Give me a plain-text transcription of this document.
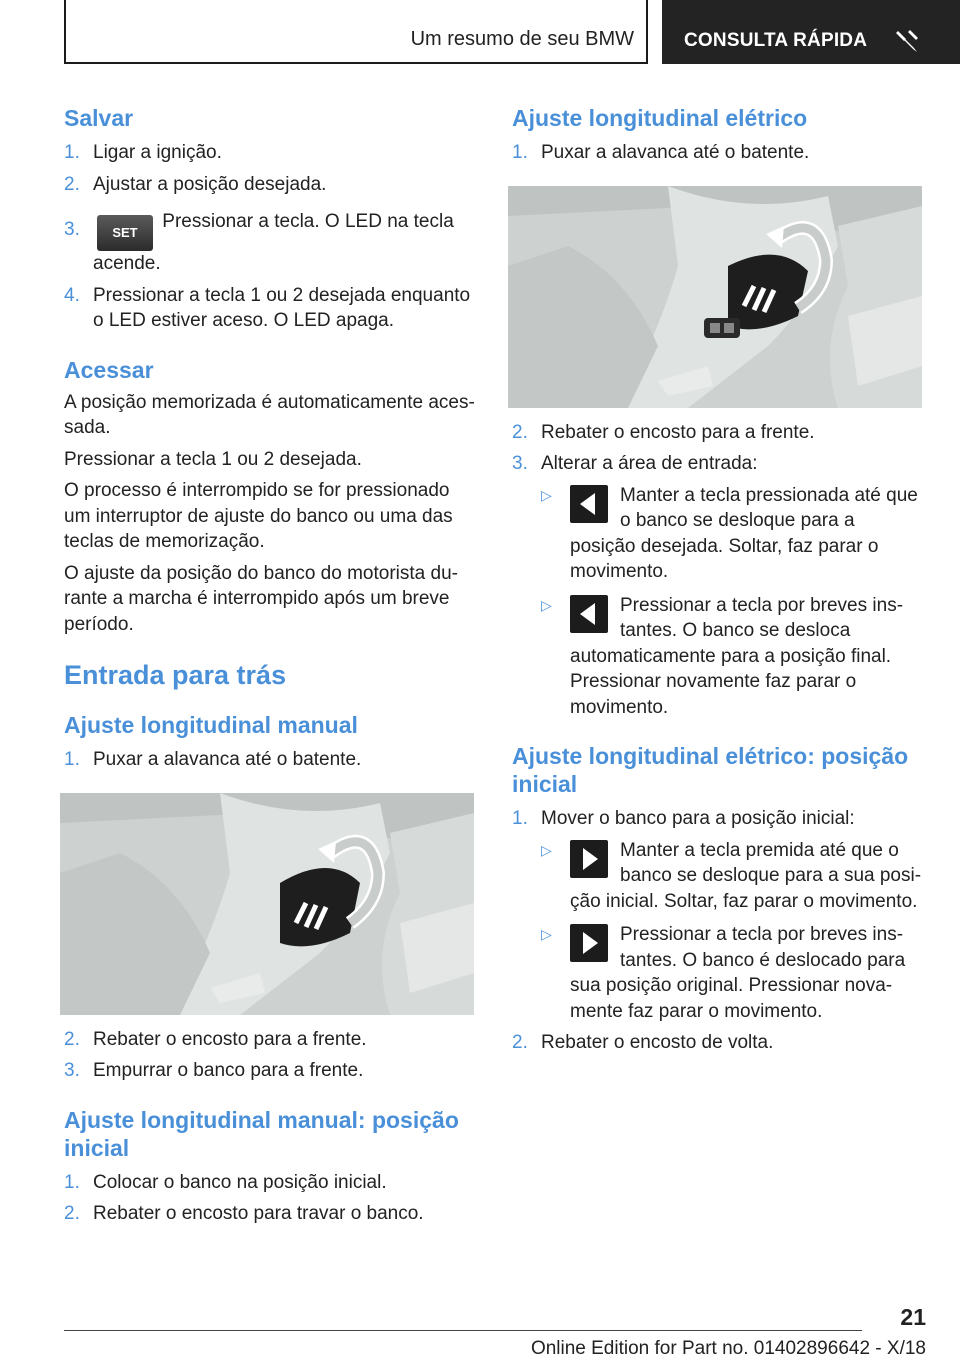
Um resumo de seu BMW	CONSULTA RÁPIDA
Salvar
1. Ligar a ignição.
2. Ajustar a posição desejada.
3. SET Pressionar a tecla. O LED na tecla acende.
4. Pressionar a tecla 1 ou 2 desejada enquanto o LED estiver aceso. O LED apaga.
Acessar

A posição memorizada é automaticamente acessada.

Pressionar a tecla 1 ou 2 desejada.

O processo é interrompido se for pressionado um interruptor de ajuste do banco ou uma das teclas de memorização.

O ajuste da posição do banco do motorista durante a marcha é interrompido após um breve período.

Entrada para trás
Ajuste longitudinal manual
1. Puxar a alavanca até o batente.
2. Rebater o encosto para a frente.
3. Empurrar o banco para a frente.
Ajuste longitudinal manual: posição inicial
1. Colocar o banco na posição inicial.
2. Rebater o encosto para travar o banco.
Ajuste longitudinal elétrico
1. Puxar a alavanca até o batente.
2. Rebater o encosto para a frente.
3. Alterar a área de entrada:
▷	Manter a tecla pressionada até que o banco se desloque para a posição desejada. Soltar, faz parar o movimento.
▷	Pressionar a tecla por breves instantes. O banco se desloca automaticamente para a posição final. Pressionar novamente faz parar o movimento.
Ajuste longitudinal elétrico: posição inicial
1. Mover o banco para a posição inicial:
▷	Manter a tecla premida até que o banco se desloque para a sua posição inicial. Soltar, faz parar o movimento.
▷	Pressionar a tecla por breves instantes. O banco é deslocado para sua posição original. Pressionar novamente faz parar o movimento.
2. Rebater o encosto de volta.
21
Online Edition for Part no. 01402896642 - X/18
